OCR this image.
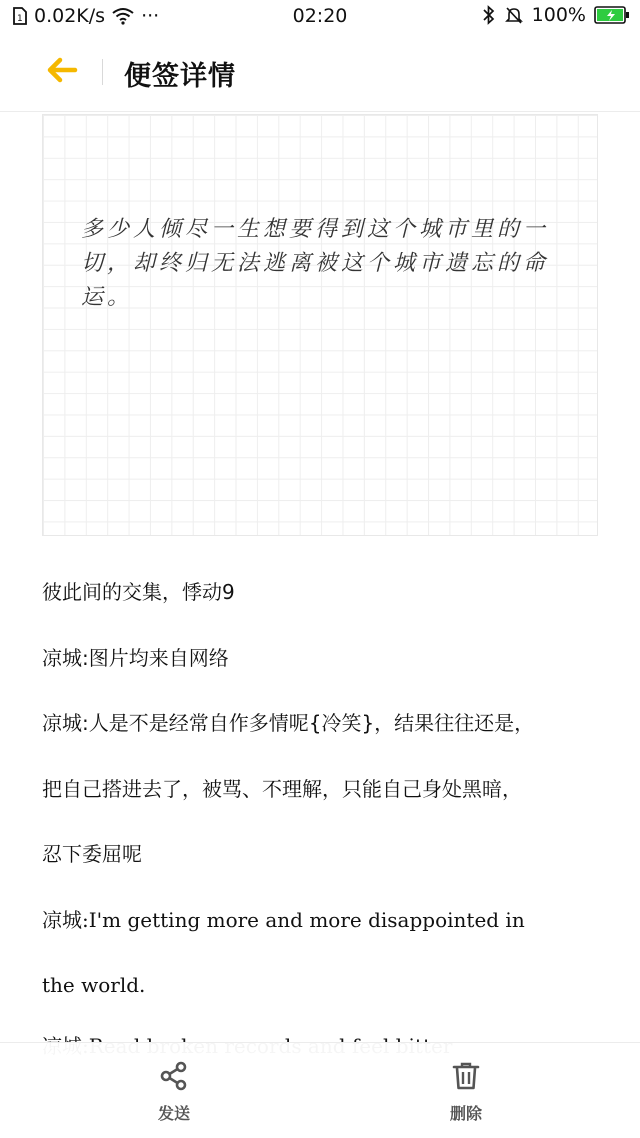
1 0.02K/s ···	02:20	100%
便签详情
多少人倾尽一生想要得到这个城市里的一切，却终归无法逃离被这个城市遗忘的命运。
彼此间的交集，悸动9
凉城:图片均来自网络
凉城:人是不是经常自作多情呢{冷笑}，结果往往还是，
把自己搭进去了，被骂、不理解，只能自己身处黑暗，
忍下委屈呢
凉城:I'm getting more and more disappointed in
the world.
发送	删除
